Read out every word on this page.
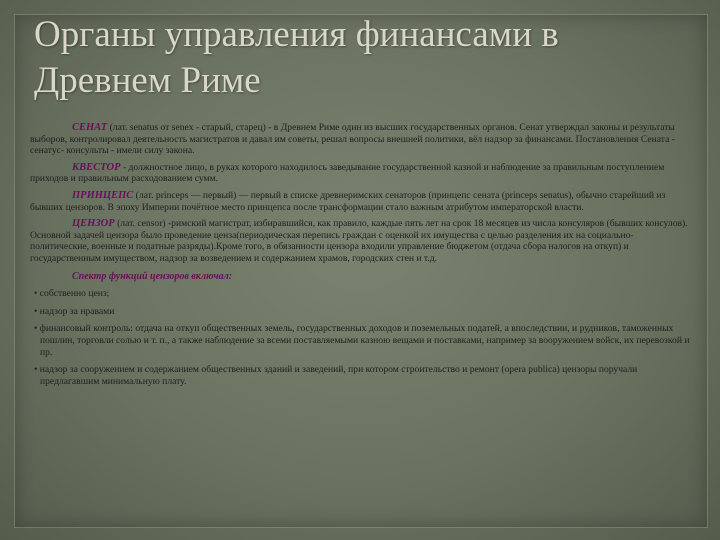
Органы управления финансами в Древнем Риме

СЕНАТ (лат. senatus от senex - старый, старец) - в Древнем Риме один из высших государственных органов. Сенат утверждал законы и результаты выборов, контролировал деятельность магистратов и давал им советы, решал вопросы внешней политики, вёл надзор за финансами. Постановления Сената - сенатус- консульты - имели силу закона.

КВЕСТОР - должностное лицо, в руках которого находилось заведывание государственной казной и наблюдение за правильным поступлением приходов и правильным расходованием сумм.

ПРИНЦЕПС (лат. princeps — первый) — первый в списке древнеримских сенаторов (принцепс сената (princeps senatus), обычно старейший из бывших цензоров. В эпоху Империи почётное место принцепса после трансформации стало важным атрибутом императорской власти.

ЦЕНЗОР (лат. censor) -римский магистрат, избиравшийся, как правило, каждые пять лет на срок 18 месяцев из числа консуляров (бывших консулов). Основной задачей цензора было проведение ценза(периодическая перепись граждан с оценкой их имущества с целью разделения их на социально-политические, военные и податные разряды).Кроме того, в обязанности цензора входили управление бюджетом (отдача сбора налогов на откуп) и государственным имуществом, надзор за возведением и содержанием храмов, городских стен и т.д.

Спектр функций цензоров включал:
• собственно ценз;
• надзор за нравами
• финансовый контроль: отдача на откуп общественных земель, государственных доходов и поземельных податей, а впоследствии, и рудников, таможенных пошлин, торговли солью и т. п., а также наблюдение за всеми поставляемыми казною вещами и поставками, например за вооружением войск, их перевозкой и пр.
• надзор за сооружением и содержанием общественных зданий и заведений, при котором строительство и ремонт (opera publica) цензоры поручали предлагавшим минимальную плату.
